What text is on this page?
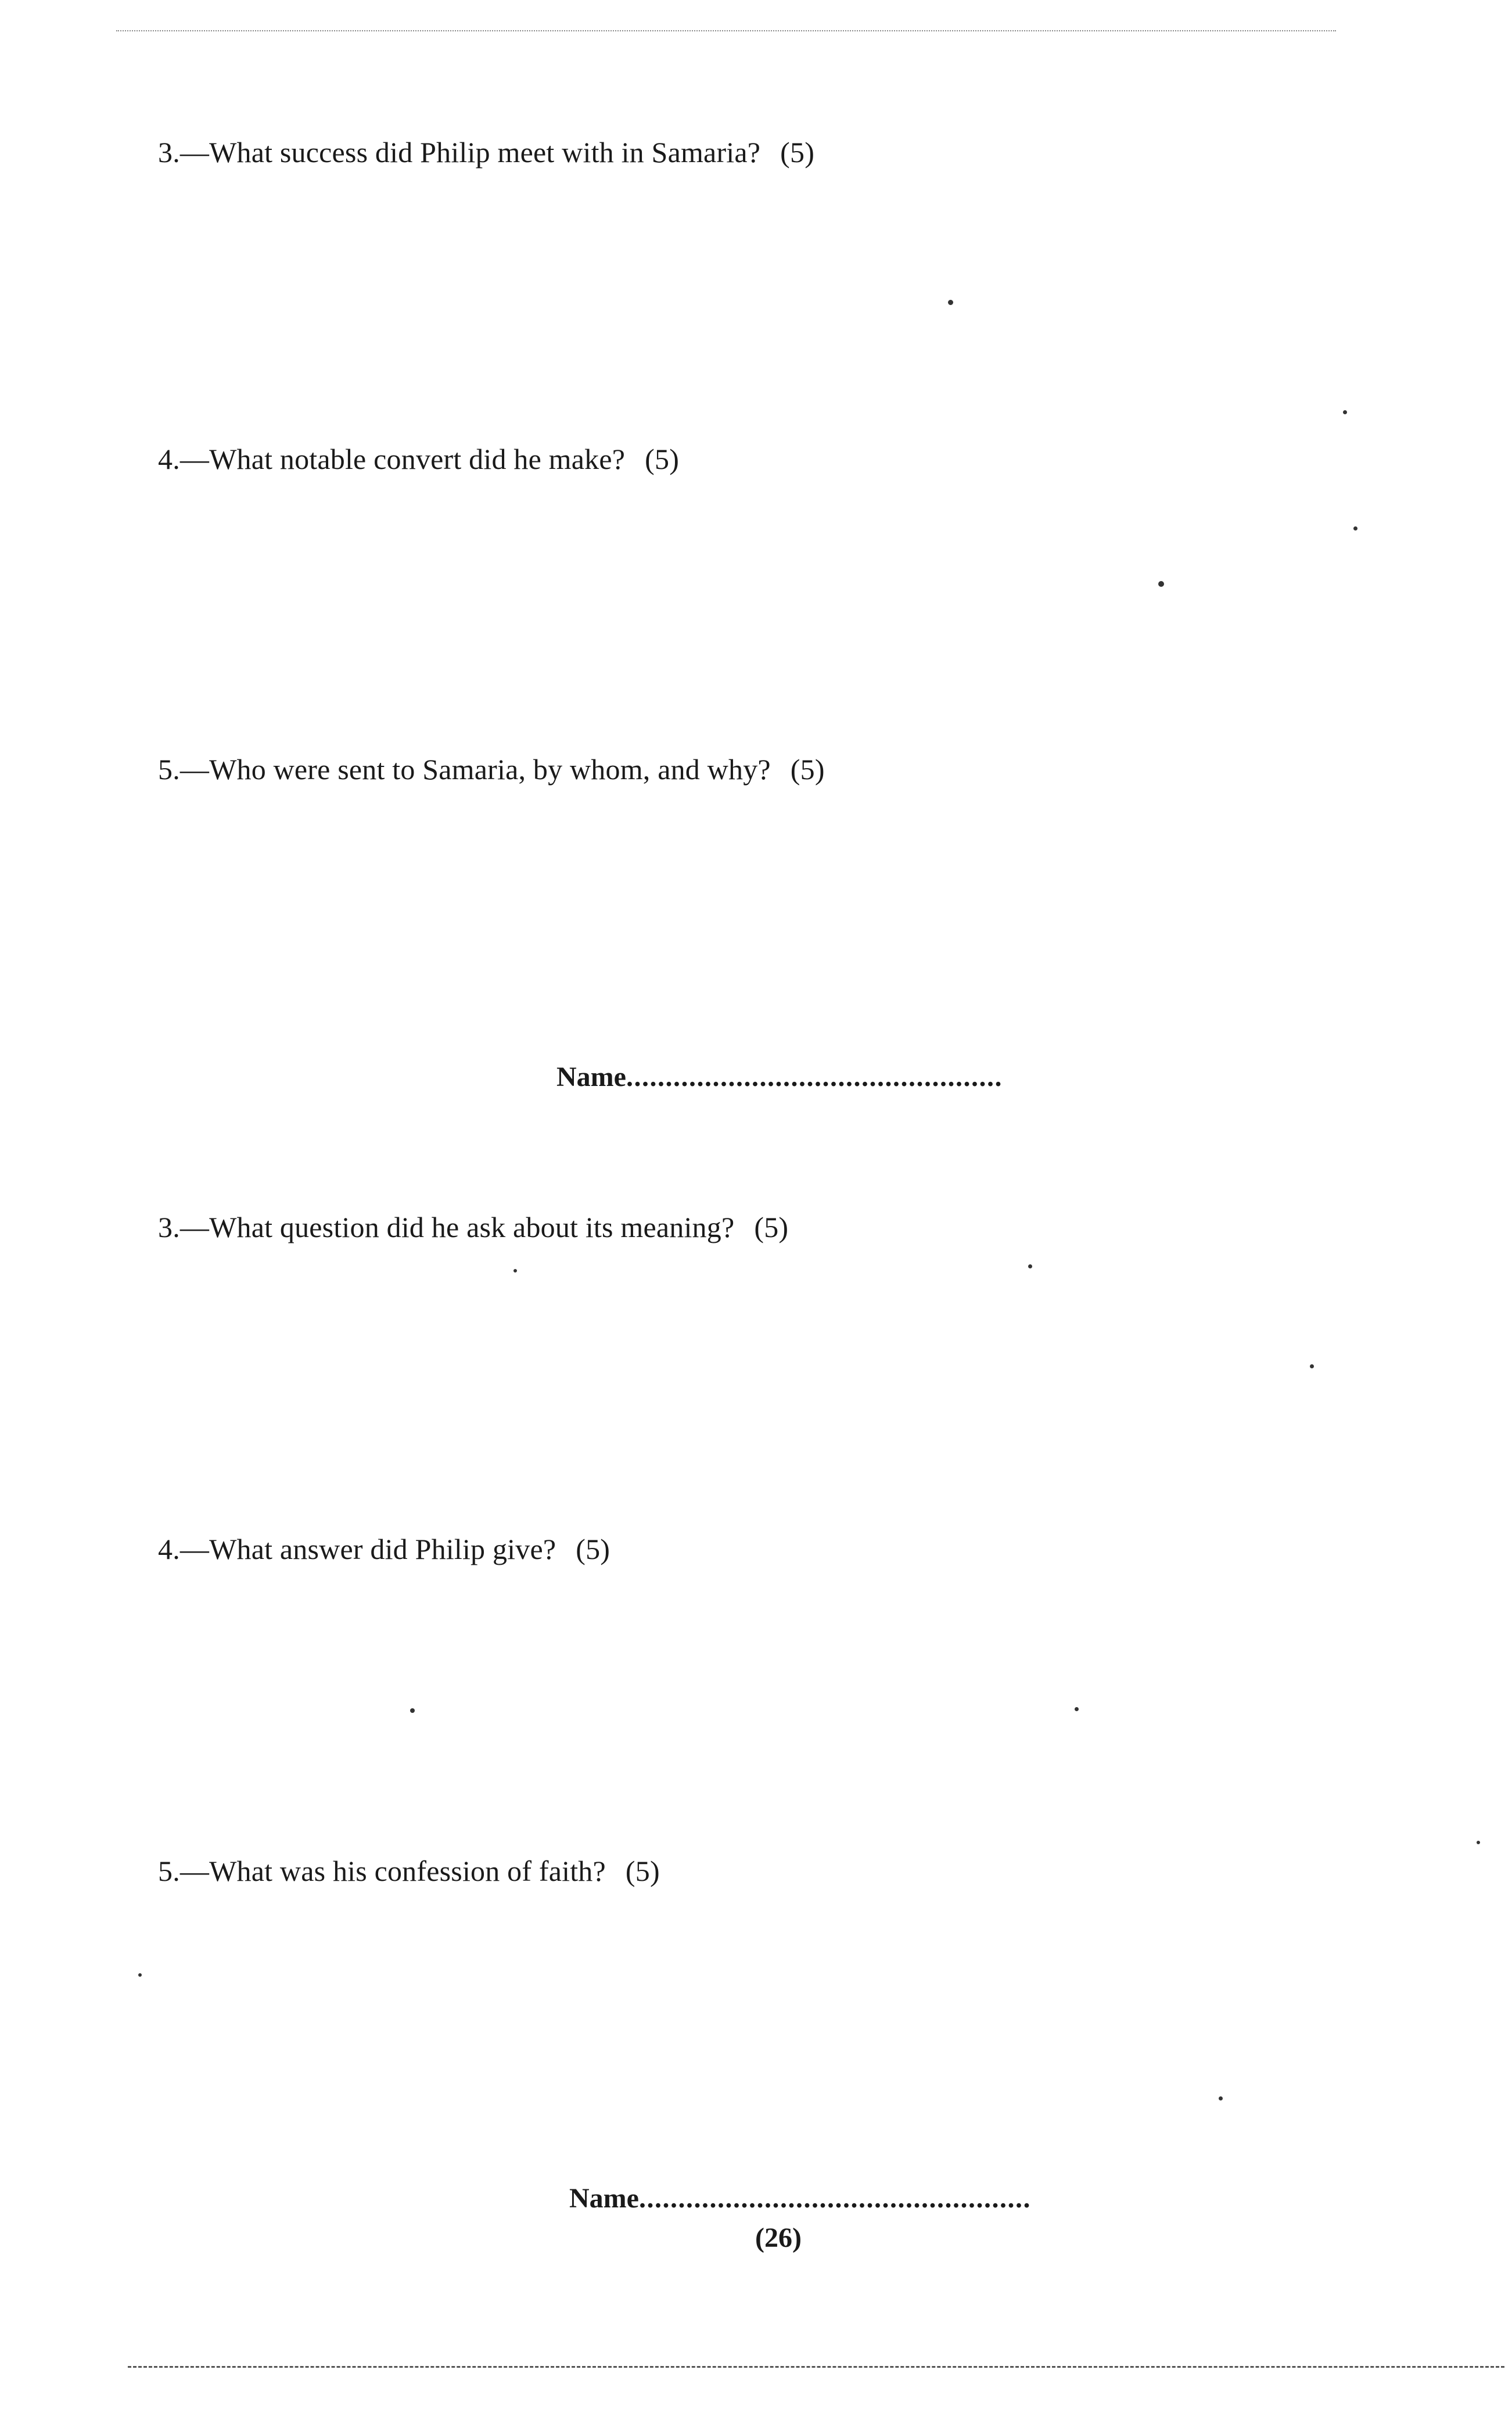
3.—What success did Philip meet with in Samaria? (5)
4.—What notable convert did he make? (5)
5.—Who were sent to Samaria, by whom, and why? (5)
Name................................................
3.—What question did he ask about its meaning? (5)
4.—What answer did Philip give? (5)
5.—What was his confession of faith? (5)
Name..................................................
(26)
